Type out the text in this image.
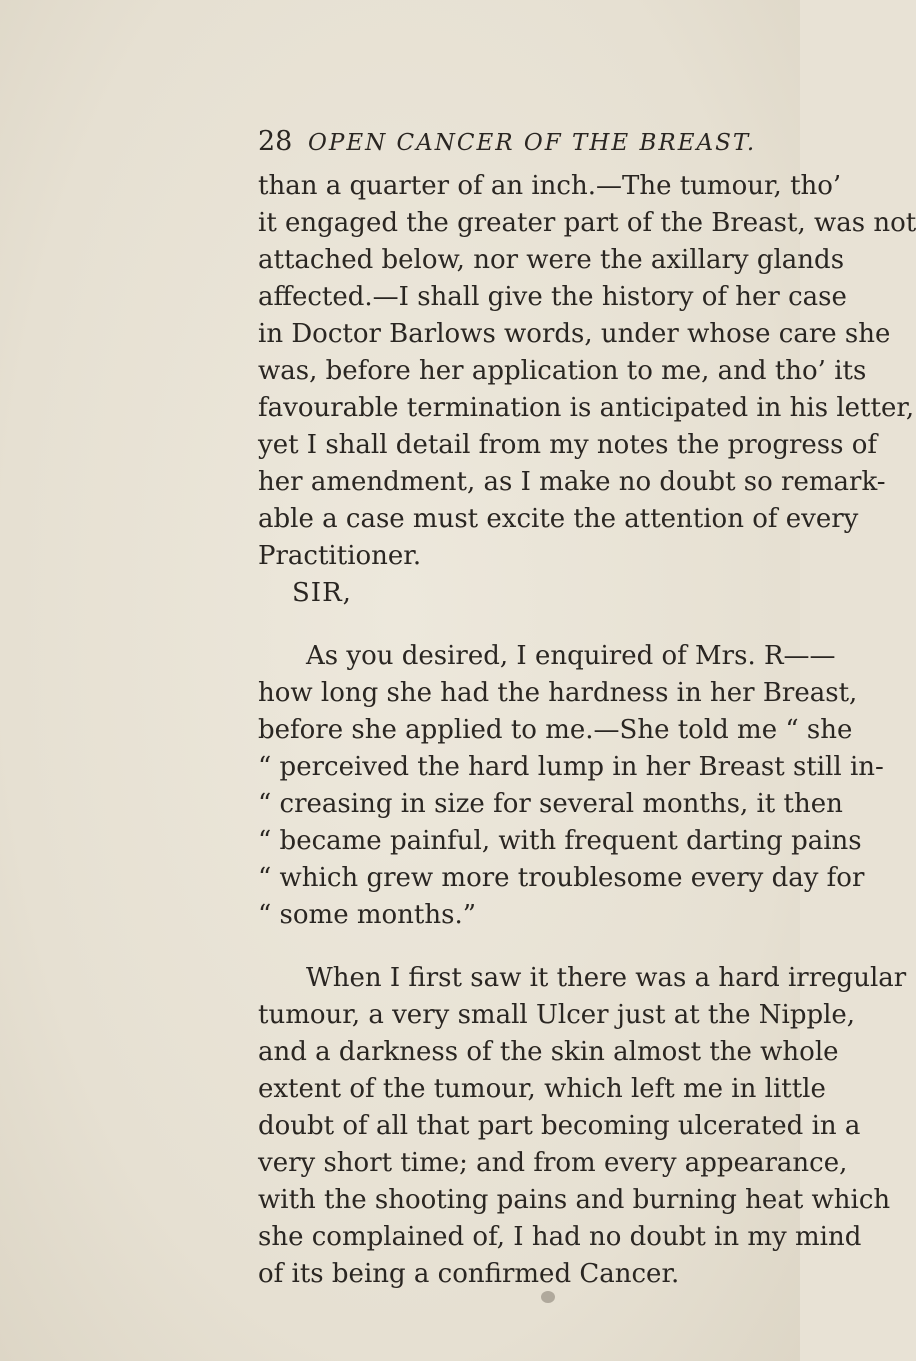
28 OPEN CANCER OF THE BREAST.
than a quarter of an inch.—The tumour, tho’
it engaged the greater part of the Breast, was not
attached below, nor were the axillary glands
affected.—I shall give the history of her case
in Doctor Barlows words, under whose care she
was, before her application to me, and tho’ its
favourable termination is anticipated in his letter,
yet I shall detail from my notes the progress of
her amendment, as I make no doubt so remark-
able a case must excite the attention of every
Practitioner.
SIR,
As you desired, I enquired of Mrs. R——
how long she had the hardness in her Breast,
before she applied to me.—She told me “ she
“ perceived the hard lump in her Breast still in-
“ creasing in size for several months, it then
“ became painful, with frequent darting pains
“ which grew more troublesome every day for
“ some months.”
When I first saw it there was a hard irregular
tumour, a very small Ulcer just at the Nipple,
and a darkness of the skin almost the whole
extent of the tumour, which left me in little
doubt of all that part becoming ulcerated in a
very short time; and from every appearance,
with the shooting pains and burning heat which
she complained of, I had no doubt in my mind
of its being a confirmed Cancer.
